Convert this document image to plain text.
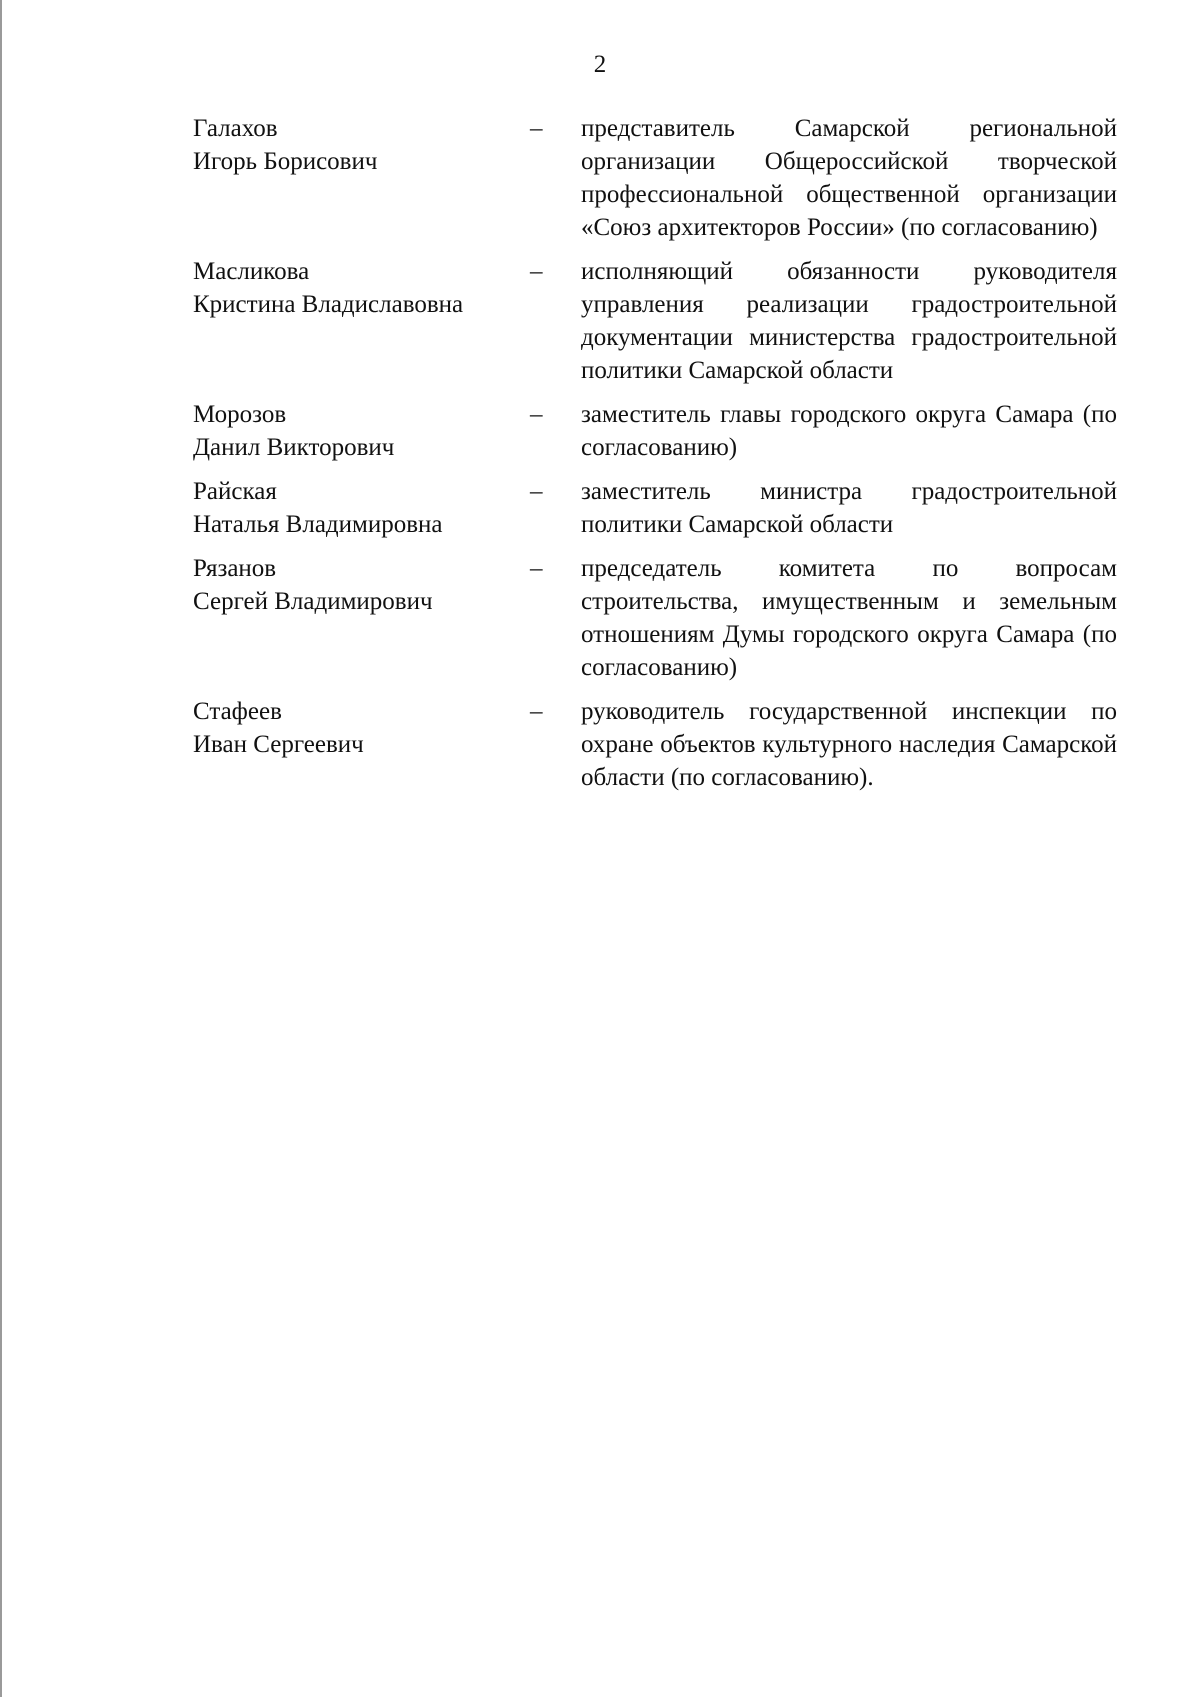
2
Галахов
Игорь Борисович
– представитель Самарской региональной организации Общероссийской творческой профессиональной общественной организации «Союз архитекторов России» (по согласованию)
Масликова
Кристина Владиславовна
– исполняющий обязанности руководителя управления реализации градостроительной документации министерства градостроительной политики Самарской области
Морозов
Данил Викторович
– заместитель главы городского округа Самара (по согласованию)
Райская
Наталья Владимировна
– заместитель министра градостроительной политики Самарской области
Рязанов
Сергей Владимирович
– председатель комитета по вопросам строительства, имущественным и земельным отношениям Думы городского округа Самара (по согласованию)
Стафеев
Иван Сергеевич
– руководитель государственной инспекции по охране объектов культурного наследия Самарской области (по согласованию).
